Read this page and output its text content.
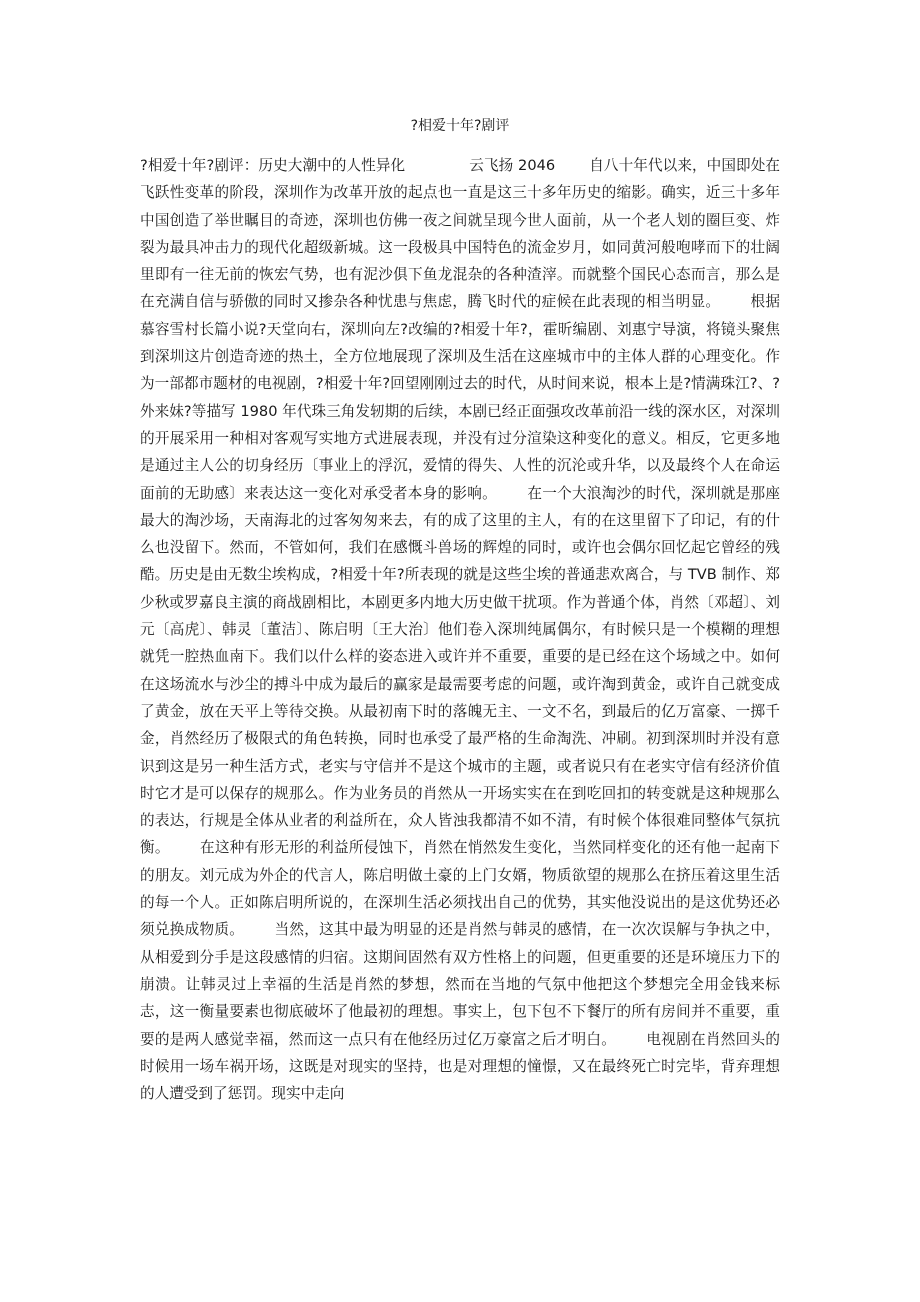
?相爱十年?剧评

?相爱十年?剧评：历史大潮中的人性异化	云飞扬 2046 自八十年代以来，中国即处在飞跃性变革的阶段，深圳作为改革开放的起点也一直是这三十多年历史的缩影。确实，近三十多年中国创造了举世瞩目的奇迹，深圳也仿佛一夜之间就呈现今世人面前，从一个老人划的圈巨变、炸裂为最具冲击力的现代化超级新城。这一段极具中国特色的流金岁月，如同黄河般咆哮而下的壮阔里即有一往无前的恢宏气势，也有泥沙俱下鱼龙混杂的各种渣滓。而就整个国民心态而言，那么是在充满自信与骄傲的同时又掺杂各种忧患与焦虑，腾飞时代的症候在此表现的相当明显。 根据慕容雪村长篇小说?天堂向右，深圳向左?改编的?相爱十年?，霍昕编剧、刘惠宁导演，将镜头聚焦到深圳这片创造奇迹的热土，全方位地展现了深圳及生活在这座城市中的主体人群的心理变化。作为一部都市题材的电视剧，?相爱十年?回望刚刚过去的时代，从时间来说，根本上是?情满珠江?、?外来妹?等描写 1980 年代珠三角发轫期的后续，本剧已经正面强攻改革前沿一线的深水区，对深圳的开展采用一种相对客观写实地方式进展表现，并没有过分渲染这种变化的意义。相反，它更多地是通过主人公的切身经历〔事业上的浮沉，爱情的得失、人性的沉沦或升华，以及最终个人在命运面前的无助感〕来表达这一变化对承受者本身的影响。 在一个大浪淘沙的时代，深圳就是那座最大的淘沙场，天南海北的过客匆匆来去，有的成了这里的主人，有的在这里留下了印记，有的什么也没留下。然而，不管如何，我们在感慨斗兽场的辉煌的同时，或许也会偶尔回忆起它曾经的残酷。历史是由无数尘埃构成，?相爱十年?所表现的就是这些尘埃的普通悲欢离合，与 TVB 制作、郑少秋或罗嘉良主演的商战剧相比，本剧更多内地大历史做干扰项。作为普通个体，肖然〔邓超〕、刘元〔高虎〕、韩灵〔董洁〕、陈启明〔王大治〕他们卷入深圳纯属偶尔，有时候只是一个模糊的理想就凭一腔热血南下。我们以什么样的姿态进入或许并不重要，重要的是已经在这个场域之中。如何在这场流水与沙尘的搏斗中成为最后的赢家是最需要考虑的问题，或许淘到黄金，或许自己就变成了黄金，放在天平上等待交换。从最初南下时的落魄无主、一文不名，到最后的亿万富豪、一掷千金，肖然经历了极限式的角色转换，同时也承受了最严格的生命淘洗、冲刷。初到深圳时并没有意识到这是另一种生活方式，老实与守信并不是这个城市的主题，或者说只有在老实守信有经济价值时它才是可以保存的规那么。作为业务员的肖然从一开场实实在在到吃回扣的转变就是这种规那么的表达，行规是全体从业者的利益所在，众人皆浊我都清不如不清，有时候个体很难同整体气氛抗衡。 在这种有形无形的利益所侵蚀下，肖然在悄然发生变化，当然同样变化的还有他一起南下的朋友。刘元成为外企的代言人，陈启明做土豪的上门女婿，物质欲望的规那么在挤压着这里生活的每一个人。正如陈启明所说的，在深圳生活必须找出自己的优势，其实他没说出的是这优势还必须兑换成物质。 当然，这其中最为明显的还是肖然与韩灵的感情，在一次次误解与争执之中，从相爱到分手是这段感情的归宿。这期间固然有双方性格上的问题，但更重要的还是环境压力下的崩溃。让韩灵过上幸福的生活是肖然的梦想，然而在当地的气氛中他把这个梦想完全用金钱来标志，这一衡量要素也彻底破坏了他最初的理想。事实上，包下包不下餐厅的所有房间并不重要，重要的是两人感觉幸福，然而这一点只有在他经历过亿万豪富之后才明白。 电视剧在肖然回头的时候用一场车祸开场，这既是对现实的坚持，也是对理想的憧憬，又在最终死亡时完毕，背弃理想的人遭受到了惩罚。现实中走向
